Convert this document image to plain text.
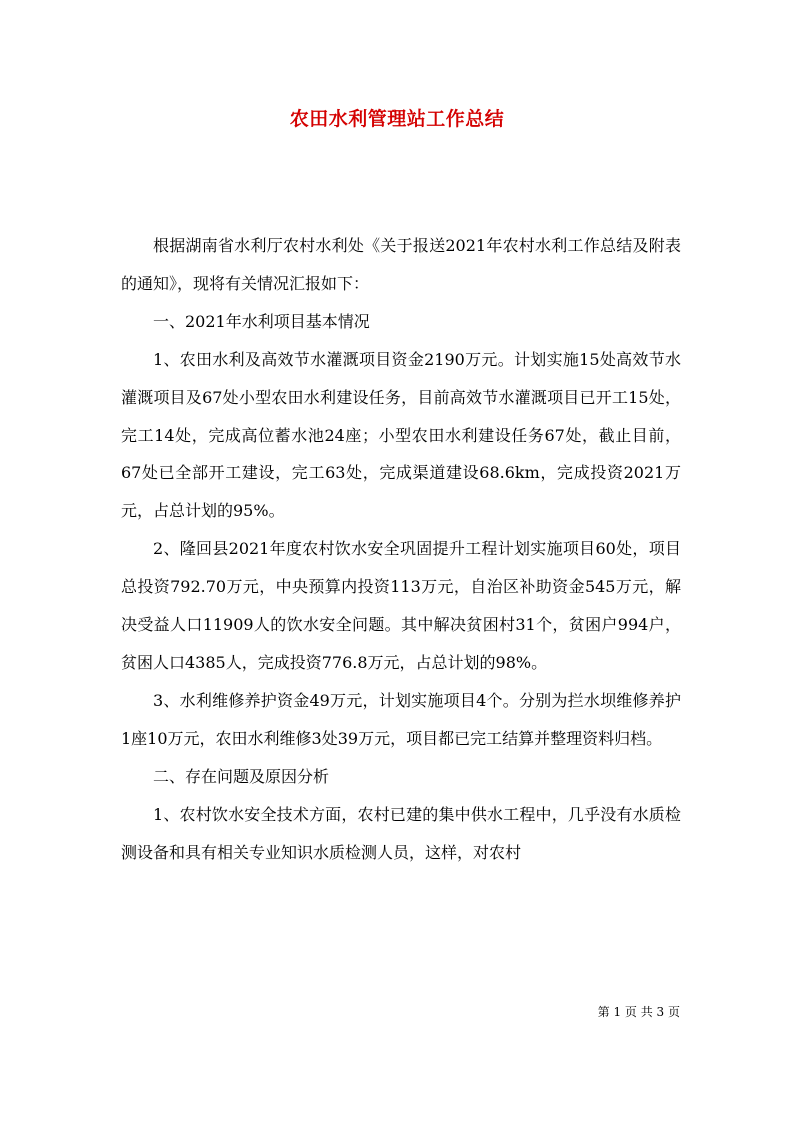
农田水利管理站工作总结

根据湖南省水利厅农村水利处《关于报送2021年农村水利工作总结及附表的通知》，现将有关情况汇报如下：

一、2021年水利项目基本情况

1、农田水利及高效节水灌溉项目资金2190万元。计划实施15处高效节水灌溉项目及67处小型农田水利建设任务，目前高效节水灌溉项目已开工15处，完工14处，完成高位蓄水池24座；小型农田水利建设任务67处，截止目前，67处已全部开工建设，完工63处，完成渠道建设68.6km，完成投资2021万元，占总计划的95%。

2、隆回县2021年度农村饮水安全巩固提升工程计划实施项目60处，项目总投资792.70万元，中央预算内投资113万元，自治区补助资金545万元，解决受益人口11909人的饮水安全问题。其中解决贫困村31个，贫困户994户，贫困人口4385人，完成投资776.8万元，占总计划的98%。

3、水利维修养护资金49万元，计划实施项目4个。分别为拦水坝维修养护1座10万元，农田水利维修3处39万元，项目都已完工结算并整理资料归档。

二、存在问题及原因分析

1、农村饮水安全技术方面，农村已建的集中供水工程中，几乎没有水质检测设备和具有相关专业知识水质检测人员，这样，对农村

第 1 页 共 3 页
